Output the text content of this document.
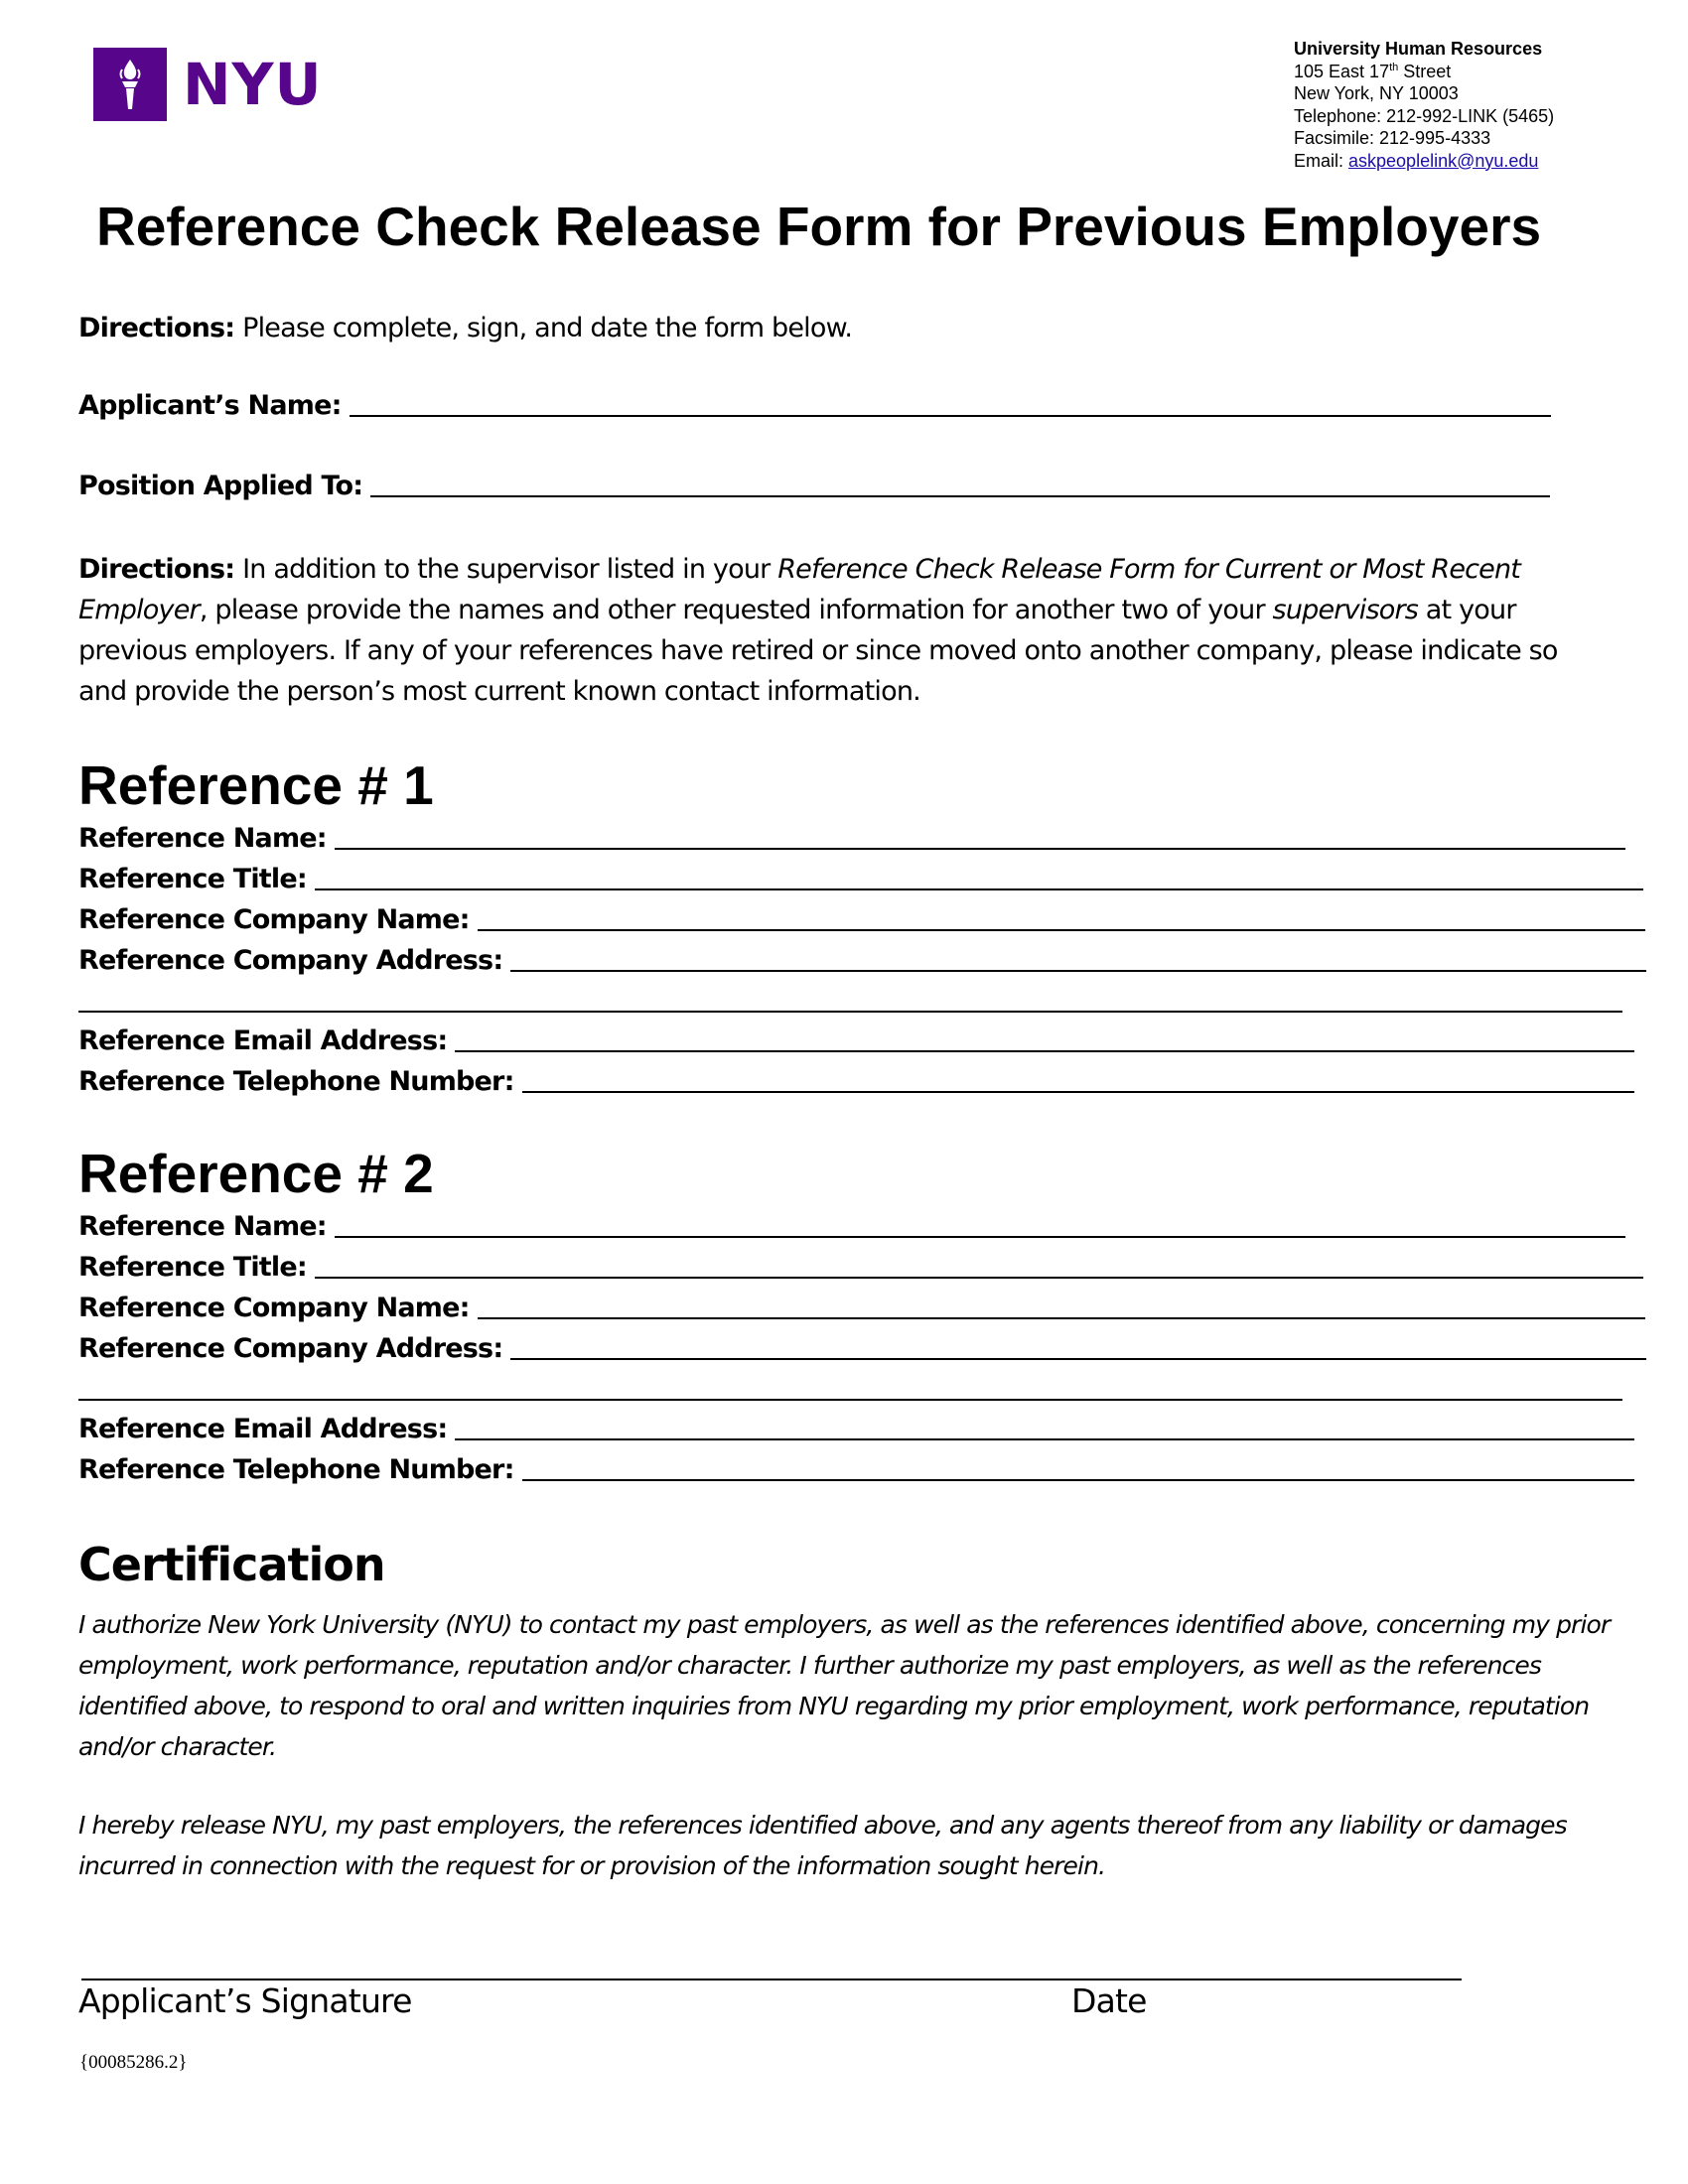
NYU
University Human Resources
105 East 17th Street
New York, NY 10003
Telephone: 212-992-LINK (5465)
Facsimile: 212-995-4333
Email: askpeoplelink@nyu.edu
Reference Check Release Form for Previous Employers
Directions: Please complete, sign, and date the form below.
Applicant’s Name:
Position Applied To:
Directions: In addition to the supervisor listed in your Reference Check Release Form for Current or Most Recent Employer, please provide the names and other requested information for another two of your supervisors at your previous employers. If any of your references have retired or since moved onto another company, please indicate so and provide the person’s most current known contact information.
Reference # 1
Reference Name:
Reference Title:
Reference Company Name:
Reference Company Address:
Reference Email Address:
Reference Telephone Number:
Reference # 2
Reference Name:
Reference Title:
Reference Company Name:
Reference Company Address:
Reference Email Address:
Reference Telephone Number:
Certification
I authorize New York University (NYU) to contact my past employers, as well as the references identified above, concerning my prior employment, work performance, reputation and/or character. I further authorize my past employers, as well as the references identified above, to respond to oral and written inquiries from NYU regarding my prior employment, work performance, reputation and/or character.
I hereby release NYU, my past employers, the references identified above, and any agents thereof from any liability or damages incurred in connection with the request for or provision of the information sought herein.
Applicant’s Signature	Date
{00085286.2}
